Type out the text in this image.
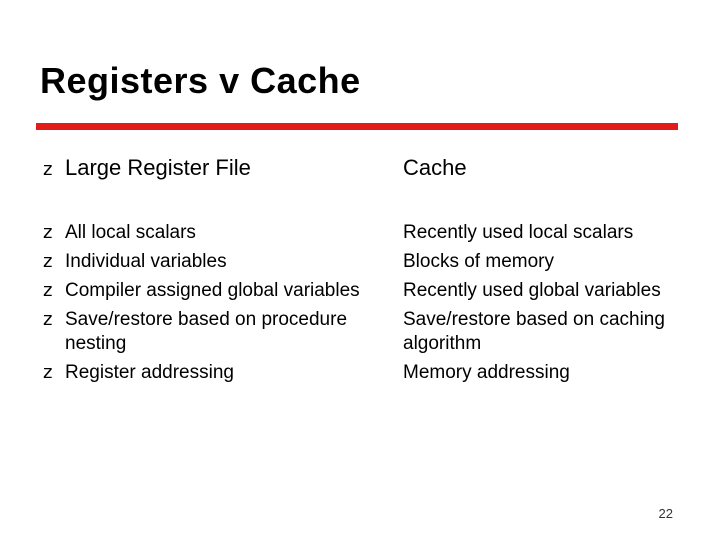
Registers v Cache
z Large Register File	Cache
z All local scalars
z Individual variables
z Compiler assigned global variables
z Save/restore based on procedure nesting
z Register addressing
Recently used local scalars
Blocks of memory
Recently used global variables
Save/restore based on caching algorithm
Memory addressing
22
